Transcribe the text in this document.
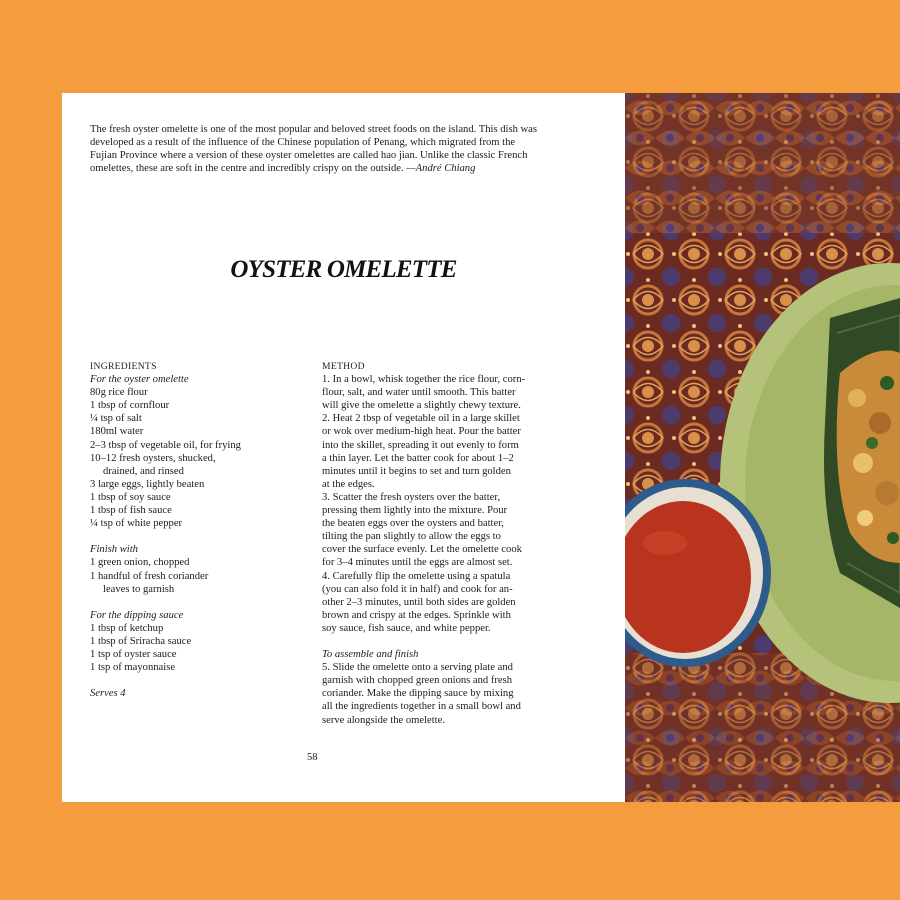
The fresh oyster omelette is one of the most popular and beloved street foods on the island. This dish was developed as a result of the influence of the Chinese population of Penang, which migrated from the Fujian Province where a version of these oyster omelettes are called hao jian. Unlike the classic French omelettes, these are soft in the centre and incredibly crispy on the outside. —André Chiang

OYSTER OMELETTE
INGREDIENTS
For the oyster omelette
80g rice flour
1 tbsp of cornflour
¼ tsp of salt
180ml water
2–3 tbsp of vegetable oil, for frying
10–12 fresh oysters, shucked,
drained, and rinsed
3 large eggs, lightly beaten
1 tbsp of soy sauce
1 tbsp of fish sauce
¼ tsp of white pepper
Finish with
1 green onion, chopped
1 handful of fresh coriander
leaves to garnish
For the dipping sauce
1 tbsp of ketchup
1 tbsp of Sriracha sauce
1 tsp of oyster sauce
1 tsp of mayonnaise
Serves 4
METHOD
1. In a bowl, whisk together the rice flour, corn-
flour, salt, and water until smooth. This batter
will give the omelette a slightly chewy texture.
2. Heat 2 tbsp of vegetable oil in a large skillet
or wok over medium-high heat. Pour the batter
into the skillet, spreading it out evenly to form
a thin layer. Let the batter cook for about 1–2
minutes until it begins to set and turn golden
at the edges.
3. Scatter the fresh oysters over the batter,
pressing them lightly into the mixture. Pour
the beaten eggs over the oysters and batter,
tilting the pan slightly to allow the eggs to
cover the surface evenly. Let the omelette cook
for 3–4 minutes until the eggs are almost set.
4. Carefully flip the omelette using a spatula
(you can also fold it in half) and cook for an-
other 2–3 minutes, until both sides are golden
brown and crispy at the edges. Sprinkle with
soy sauce, fish sauce, and white pepper.
To assemble and finish
5. Slide the omelette onto a serving plate and
garnish with chopped green onions and fresh
coriander. Make the dipping sauce by mixing
all the ingredients together in a small bowl and
serve alongside the omelette.
58
